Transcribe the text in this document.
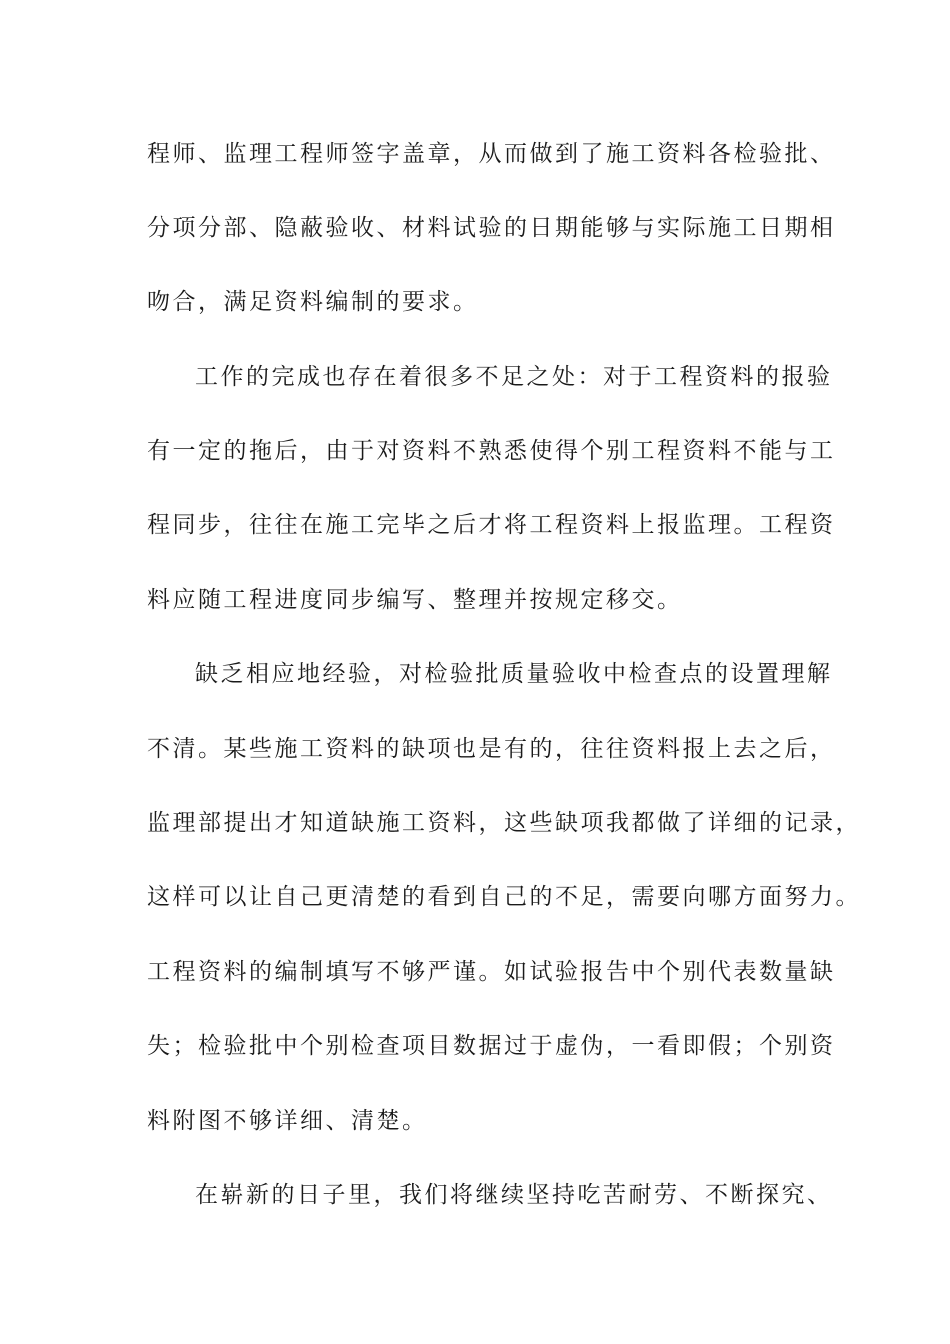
程师、监理工程师签字盖章，从而做到了施工资料各检验批、
分项分部、隐蔽验收、材料试验的日期能够与实际施工日期相
吻合，满足资料编制的要求。
工作的完成也存在着很多不足之处：对于工程资料的报验
有一定的拖后，由于对资料不熟悉使得个别工程资料不能与工
程同步，往往在施工完毕之后才将工程资料上报监理。工程资
料应随工程进度同步编写、整理并按规定移交。
缺乏相应地经验，对检验批质量验收中检查点的设置理解
不清。某些施工资料的缺项也是有的，往往资料报上去之后，
监理部提出才知道缺施工资料，这些缺项我都做了详细的记录，
这样可以让自己更清楚的看到自己的不足，需要向哪方面努力。
工程资料的编制填写不够严谨。如试验报告中个别代表数量缺
失；检验批中个别检查项目数据过于虚伪，一看即假；个别资
料附图不够详细、清楚。
在崭新的日子里，我们将继续坚持吃苦耐劳、不断探究、
